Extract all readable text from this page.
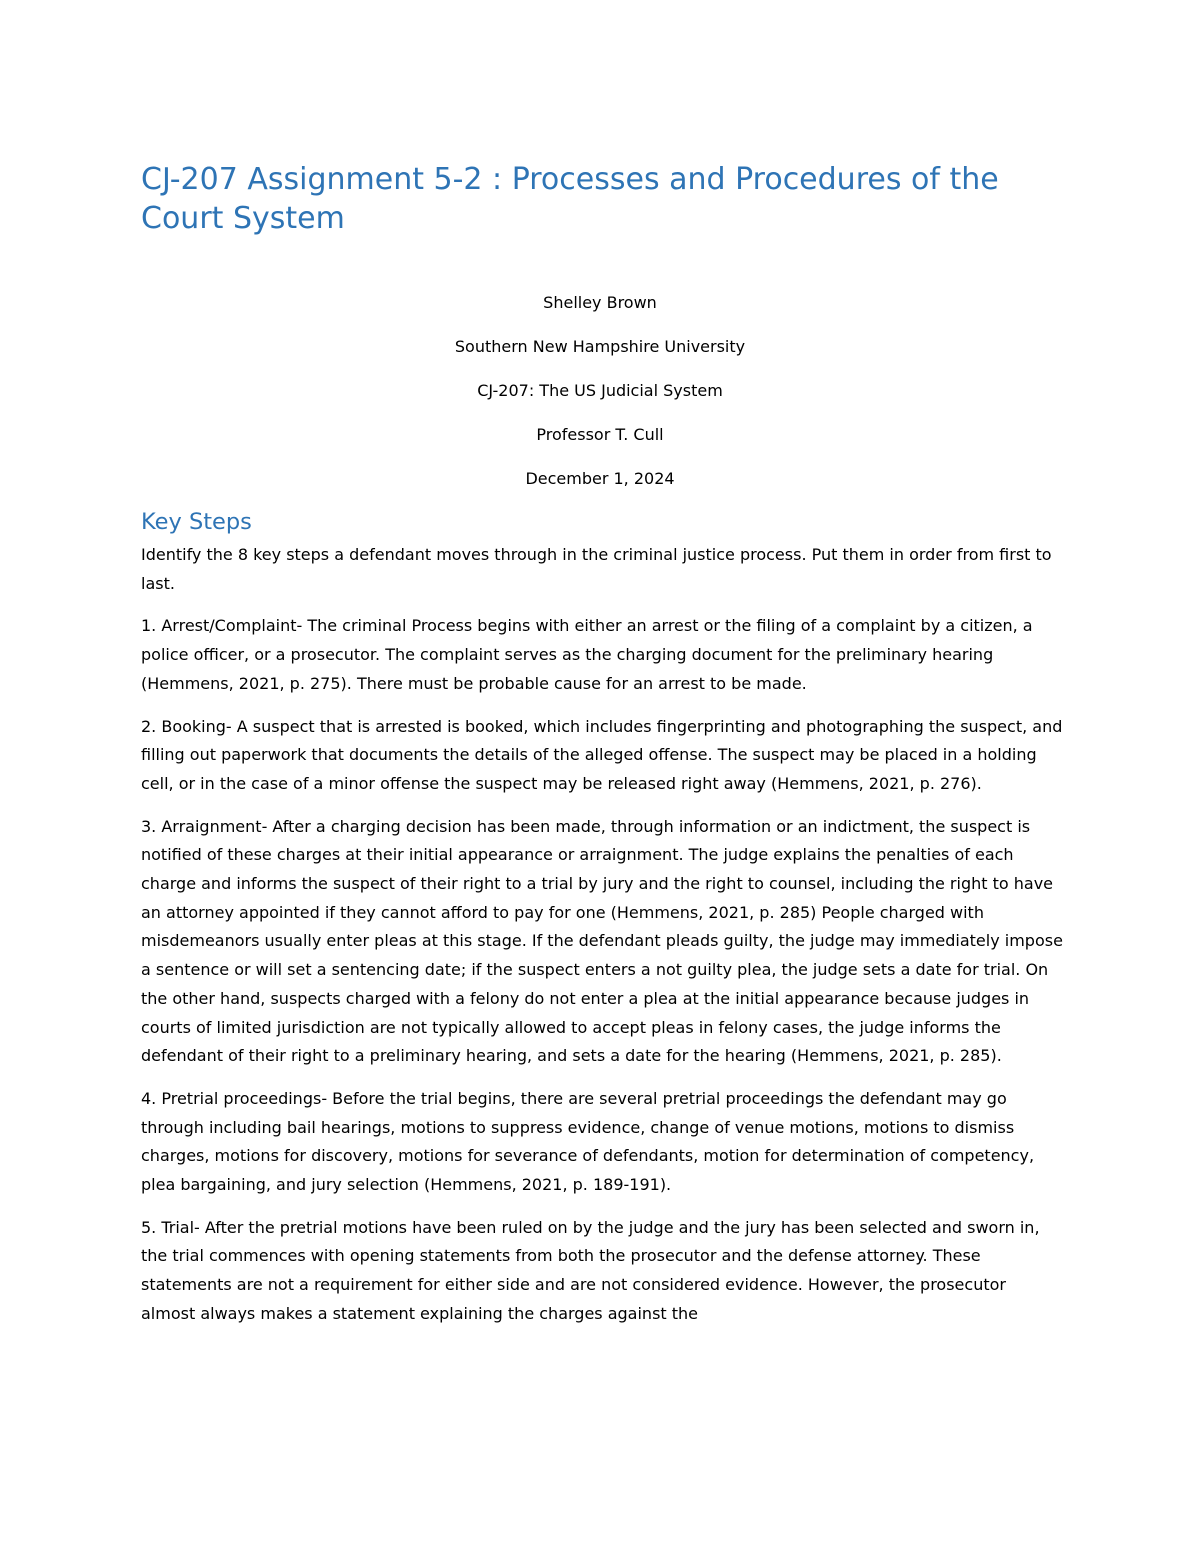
CJ-207 Assignment 5-2 : Processes and Procedures of the Court System

Shelley Brown

Southern New Hampshire University

CJ-207: The US Judicial System

Professor T. Cull

December 1, 2024

Key Steps

Identify the 8 key steps a defendant moves through in the criminal justice process. Put them in order from first to last.

1. Arrest/Complaint- The criminal Process begins with either an arrest or the filing of a complaint by a citizen, a police officer, or a prosecutor. The complaint serves as the charging document for the preliminary hearing (Hemmens, 2021, p. 275). There must be probable cause for an arrest to be made.

2. Booking- A suspect that is arrested is booked, which includes fingerprinting and photographing the suspect, and filling out paperwork that documents the details of the alleged offense. The suspect may be placed in a holding cell, or in the case of a minor offense the suspect may be released right away (Hemmens, 2021, p. 276).

3. Arraignment- After a charging decision has been made, through information or an indictment, the suspect is notified of these charges at their initial appearance or arraignment. The judge explains the penalties of each charge and informs the suspect of their right to a trial by jury and the right to counsel, including the right to have an attorney appointed if they cannot afford to pay for one (Hemmens, 2021, p. 285) People charged with misdemeanors usually enter pleas at this stage. If the defendant pleads guilty, the judge may immediately impose a sentence or will set a sentencing date; if the suspect enters a not guilty plea, the judge sets a date for trial. On the other hand, suspects charged with a felony do not enter a plea at the initial appearance because judges in courts of limited jurisdiction are not typically allowed to accept pleas in felony cases, the judge informs the defendant of their right to a preliminary hearing, and sets a date for the hearing (Hemmens, 2021, p. 285).

4. Pretrial proceedings- Before the trial begins, there are several pretrial proceedings the defendant may go through including bail hearings, motions to suppress evidence, change of venue motions, motions to dismiss charges, motions for discovery, motions for severance of defendants, motion for determination of competency, plea bargaining, and jury selection (Hemmens, 2021, p. 189-191).

5. Trial- After the pretrial motions have been ruled on by the judge and the jury has been selected and sworn in, the trial commences with opening statements from both the prosecutor and the defense attorney. These statements are not a requirement for either side and are not considered evidence. However, the prosecutor almost always makes a statement explaining the charges against the
